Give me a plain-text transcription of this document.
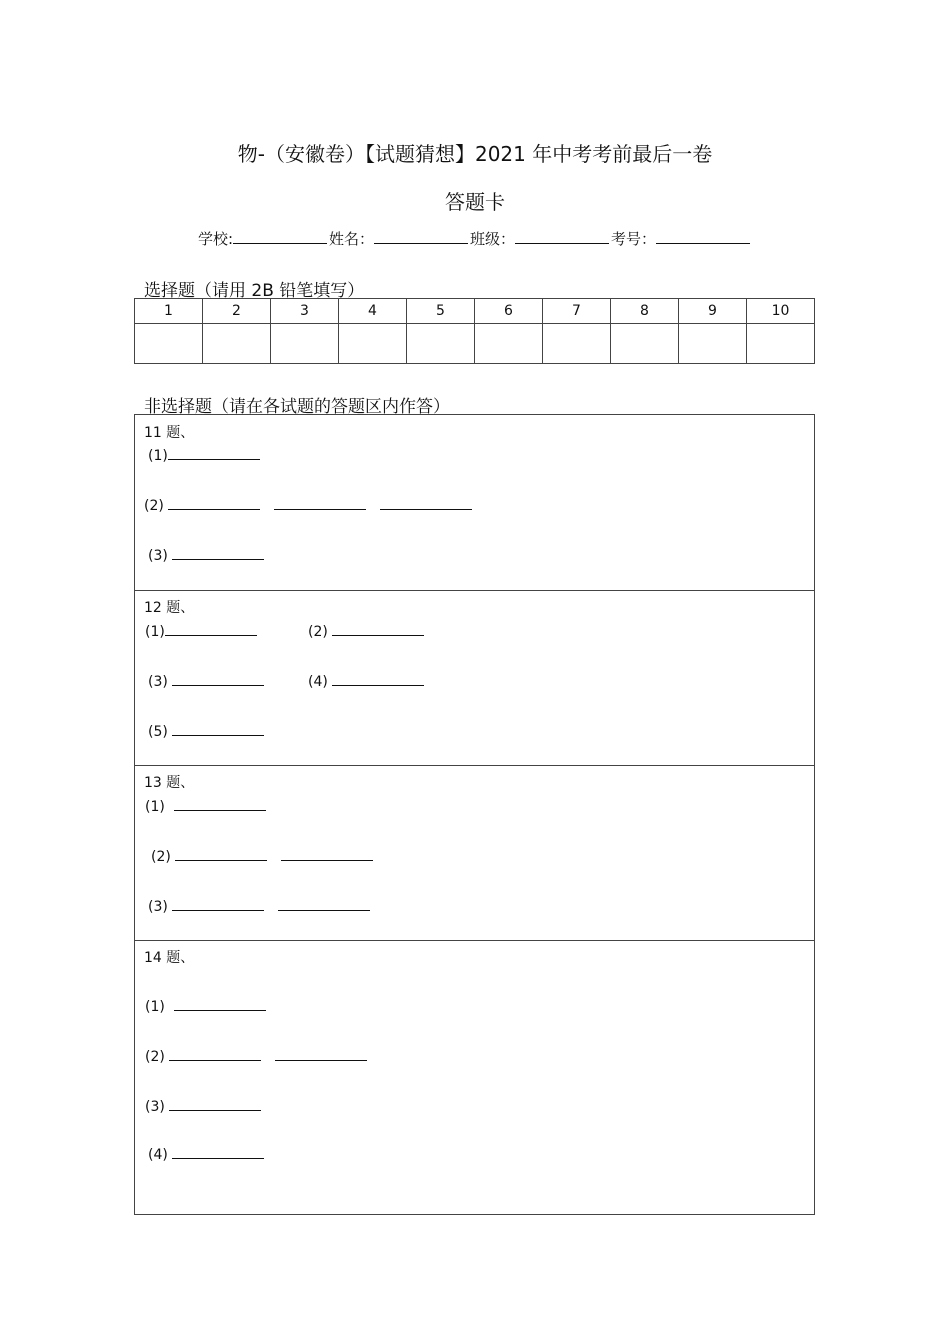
物-（安徽卷）【试题猜想】2021 年中考考前最后一卷
答题卡
学校:	姓名：	班级：	考号：
选择题（请用 2B 铅笔填写）
1	2	3	4	5	6	7	8	9	10

非选择题（请在各试题的答题区内作答）
11 题、
(1)
(2)
(3)
12 题、
(1)	(2)
(3)	(4)
(5)
13 题、
(1)
(2)
(3)
14 题、
(1)
(2)
(3)
(4)
